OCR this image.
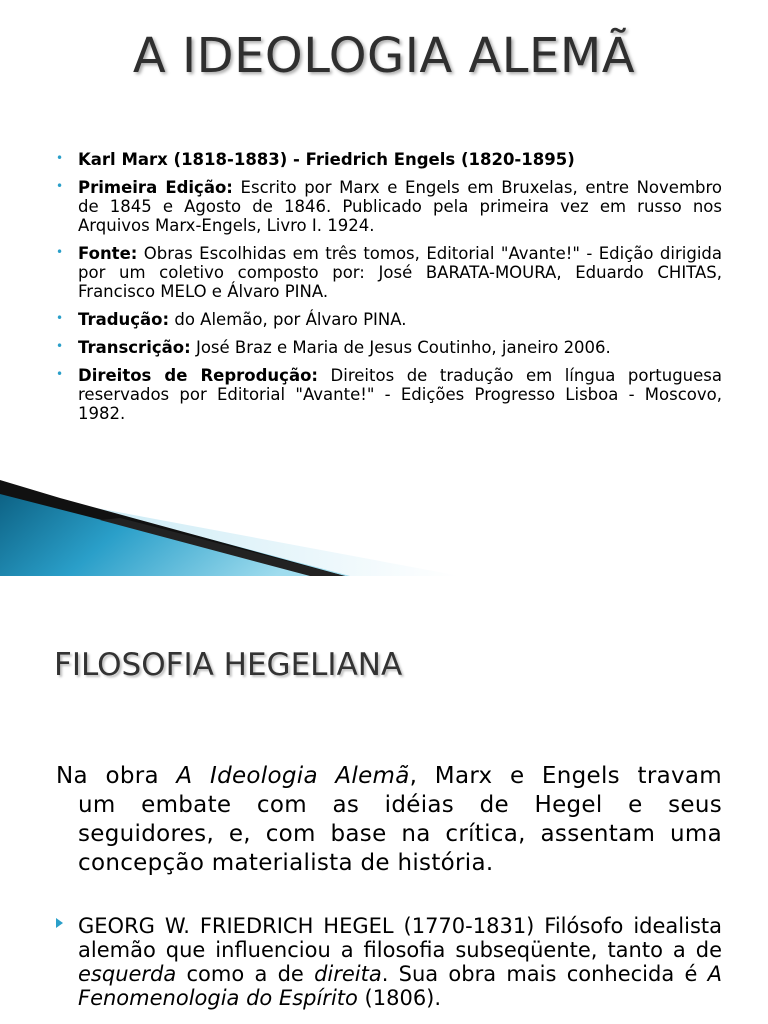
A IDEOLOGIA ALEMÃ
• Karl Marx (1818-1883) - Friedrich Engels (1820-1895)
• Primeira Edição: Escrito por Marx e Engels em Bruxelas, entre Novembro de 1845 e Agosto de 1846. Publicado pela primeira vez em russo nos Arquivos Marx-Engels, Livro I. 1924.
• Fonte: Obras Escolhidas em três tomos, Editorial "Avante!" - Edição dirigida por um coletivo composto por: José BARATA-MOURA, Eduardo CHITAS, Francisco MELO e Álvaro PINA.
• Tradução: do Alemão, por Álvaro PINA.
• Transcrição: José Braz e Maria de Jesus Coutinho, janeiro 2006.
• Direitos de Reprodução: Direitos de tradução em língua portuguesa reservados por Editorial "Avante!" - Edições Progresso Lisboa - Moscovo, 1982.
FILOSOFIA HEGELIANA
Na obra A Ideologia Alemã, Marx e Engels travam
um embate com as idéias de Hegel e seus
seguidores, e, com base na crítica, assentam uma
concepção materialista de história.
GEORG W. FRIEDRICH HEGEL (1770-1831) Filósofo idealista alemão que influenciou a filosofia subseqüente, tanto a de esquerda como a de direita. Sua obra mais conhecida é A Fenomenologia do Espírito (1806).
